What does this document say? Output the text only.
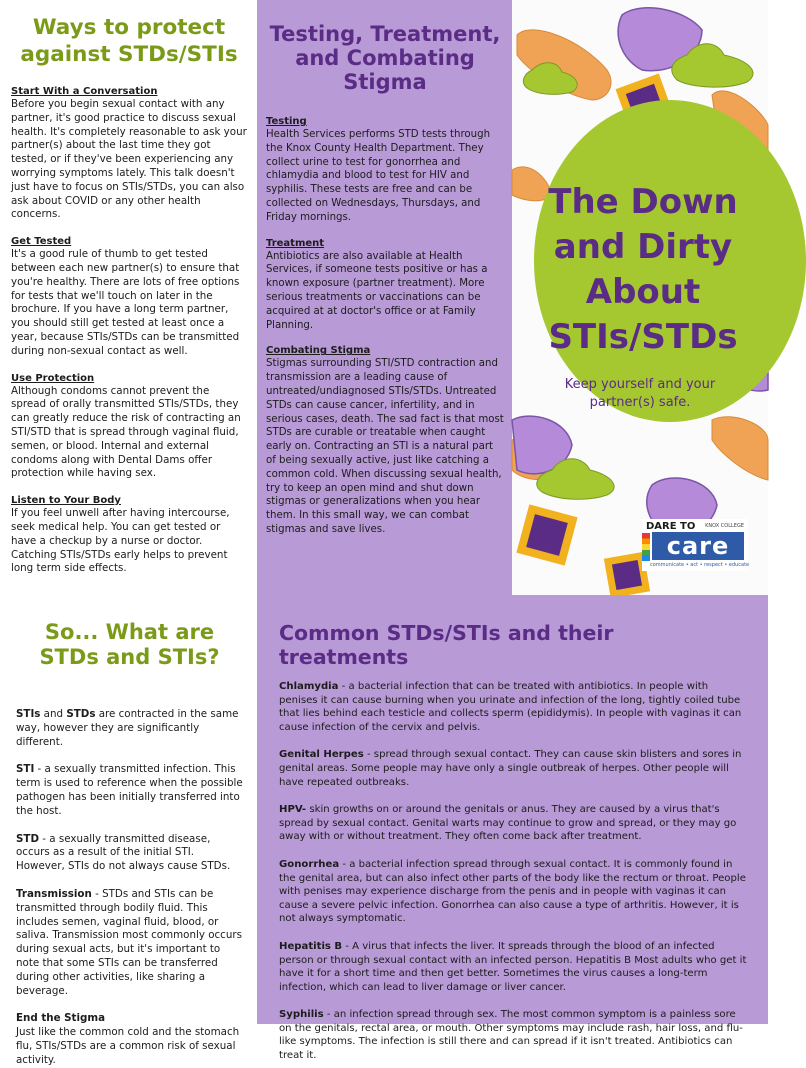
Ways to protect against STDs/STIs

Start With a Conversation

Before you begin sexual contact with any partner, it's good practice to discuss sexual health. It's completely reasonable to ask your partner(s) about the last time they got tested, or if they've been experiencing any worrying symptoms lately. This talk doesn't just have to focus on STIs/STDs, you can also ask about COVID or any other health concerns.

Get Tested

It's a good rule of thumb to get tested between each new partner(s) to ensure that you're healthy. There are lots of free options for tests that we'll touch on later in the brochure. If you have a long term partner, you should still get tested at least once a year, because STIs/STDs can be transmitted during non-sexual contact as well.

Use Protection

Although condoms cannot prevent the spread of orally transmitted STIs/STDs, they can greatly reduce the risk of contracting an STI/STD that is spread through vaginal fluid, semen, or blood. Internal and external condoms along with Dental Dams offer protection while having sex.

Listen to Your Body

If you feel unwell after having intercourse, seek medical help. You can get tested or have a checkup by a nurse or doctor. Catching STIs/STDs early helps to prevent long term side effects.

Testing, Treatment, and Combating Stigma

Testing

Health Services performs STD tests through the Knox County Health Department. They collect urine to test for gonorrhea and chlamydia and blood to test for HIV and syphilis. These tests are free and can be collected on Wednesdays, Thursdays, and Friday mornings.

Treatment

Antibiotics are also available at Health Services, if someone tests positive or has a known exposure (partner treatment). More serious treatments or vaccinations can be acquired at at doctor's office or at Family Planning.

Combating Stigma

Stigmas surrounding STI/STD contraction and transmission are a leading cause of untreated/undiagnosed STIs/STDs. Untreated STDs can cause cancer, infertility, and in serious cases, death. The sad fact is that most STDs are curable or treatable when caught early on. Contracting an STI is a natural part of being sexually active, just like catching a common cold. When discussing sexual health, try to keep an open mind and shut down stigmas or generalizations when you hear them. In this small way, we can combat stigmas and save lives.

The Down
and Dirty
About
STIs/STDs
Keep yourself and your partner(s) safe.
DARE TO KNOX COLLEGE
care
communicate • act • respect • educate
So... What are STDs and STIs?

STIs and STDs are contracted in the same way, however they are significantly different.

STI - a sexually transmitted infection. This term is used to reference when the possible pathogen has been initially transferred into the host.

STD - a sexually transmitted disease, occurs as a result of the initial STI. However, STIs do not always cause STDs.

Transmission - STDs and STIs can be transmitted through bodily fluid. This includes semen, vaginal fluid, blood, or saliva. Transmission most commonly occurs during sexual acts, but it's important to note that some STIs can be transferred during other activities, like sharing a beverage.

End the Stigma
Just like the common cold and the stomach flu, STIs/STDs are a common risk of sexual activity.

Common STDs/STIs and their treatments

Chlamydia - a bacterial infection that can be treated with antibiotics. In people with penises it can cause burning when you urinate and infection of the long, tightly coiled tube that lies behind each testicle and collects sperm (epididymis). In people with vaginas it can cause infection of the cervix and pelvis.

Genital Herpes - spread through sexual contact. They can cause skin blisters and sores in genital areas. Some people may have only a single outbreak of herpes. Other people will have repeated outbreaks.

HPV- skin growths on or around the genitals or anus. They are caused by a virus that's spread by sexual contact. Genital warts may continue to grow and spread, or they may go away with or without treatment. They often come back after treatment.

Gonorrhea - a bacterial infection spread through sexual contact. It is commonly found in the genital area, but can also infect other parts of the body like the rectum or throat. People with penises may experience discharge from the penis and in people with vaginas it can cause a severe pelvic infection. Gonorrhea can also cause a type of arthritis. However, it is not always symptomatic.

Hepatitis B - A virus that infects the liver. It spreads through the blood of an infected person or through sexual contact with an infected person. Hepatitis B Most adults who get it have it for a short time and then get better. Sometimes the virus causes a long-term infection, which can lead to liver damage or liver cancer.

Syphilis - an infection spread through sex. The most common symptom is a painless sore on the genitals, rectal area, or mouth. Other symptoms may include rash, hair loss, and flu-like symptoms. The infection is still there and can spread if it isn't treated. Antibiotics can treat it.
